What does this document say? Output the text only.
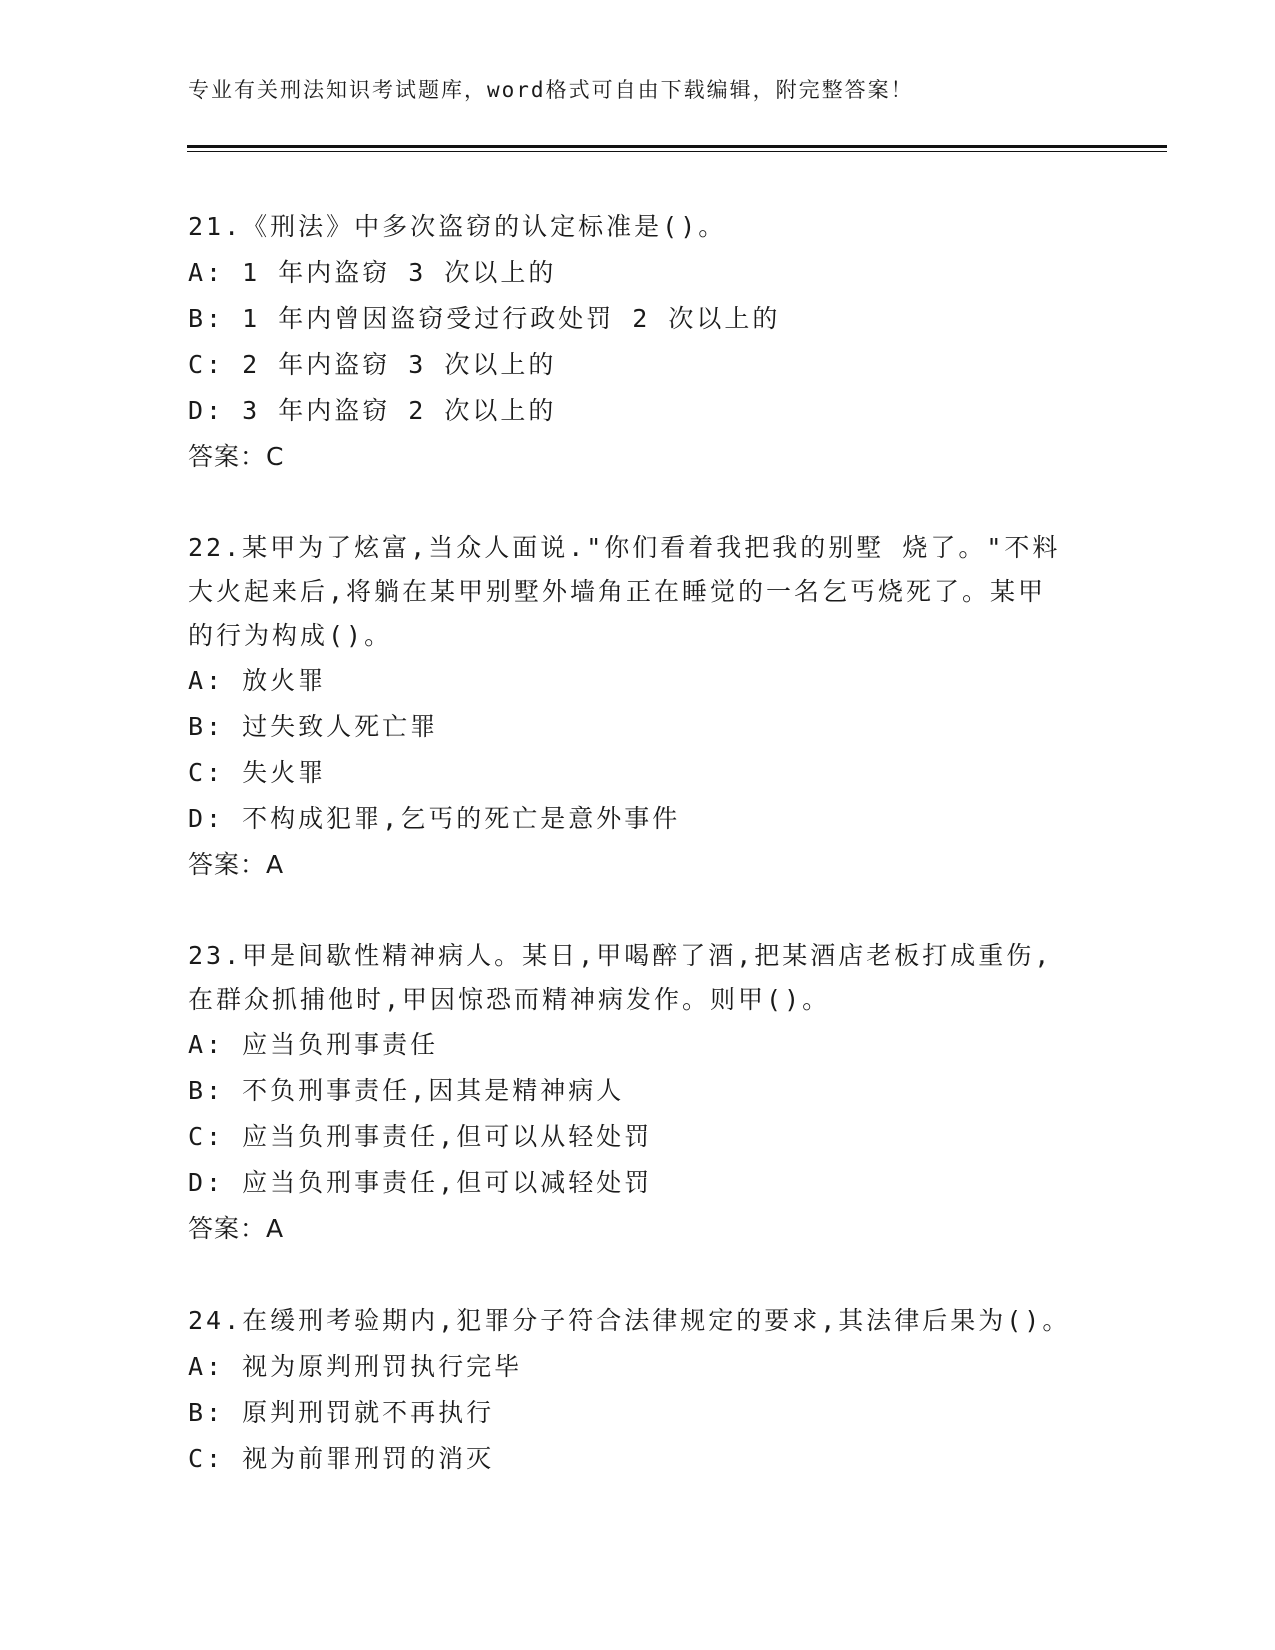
专业有关刑法知识考试题库，word格式可自由下载编辑，附完整答案！
21.《刑法》中多次盗窃的认定标准是()。
A: 1 年内盗窃 3 次以上的
B: 1 年内曾因盗窃受过行政处罚 2 次以上的
C: 2 年内盗窃 3 次以上的
D: 3 年内盗窃 2 次以上的
答案：C
22.某甲为了炫富,当众人面说."你们看着我把我的别墅 烧了。"不料
大火起来后,将躺在某甲别墅外墙角正在睡觉的一名乞丐烧死了。某甲
的行为构成()。
A: 放火罪
B: 过失致人死亡罪
C: 失火罪
D: 不构成犯罪,乞丐的死亡是意外事件
答案：A
23.甲是间歇性精神病人。某日,甲喝醉了酒,把某酒店老板打成重伤,
在群众抓捕他时,甲因惊恐而精神病发作。则甲()。
A: 应当负刑事责任
B: 不负刑事责任,因其是精神病人
C: 应当负刑事责任,但可以从轻处罚
D: 应当负刑事责任,但可以减轻处罚
答案：A
24.在缓刑考验期内,犯罪分子符合法律规定的要求,其法律后果为()。
A: 视为原判刑罚执行完毕
B: 原判刑罚就不再执行
C: 视为前罪刑罚的消灭
